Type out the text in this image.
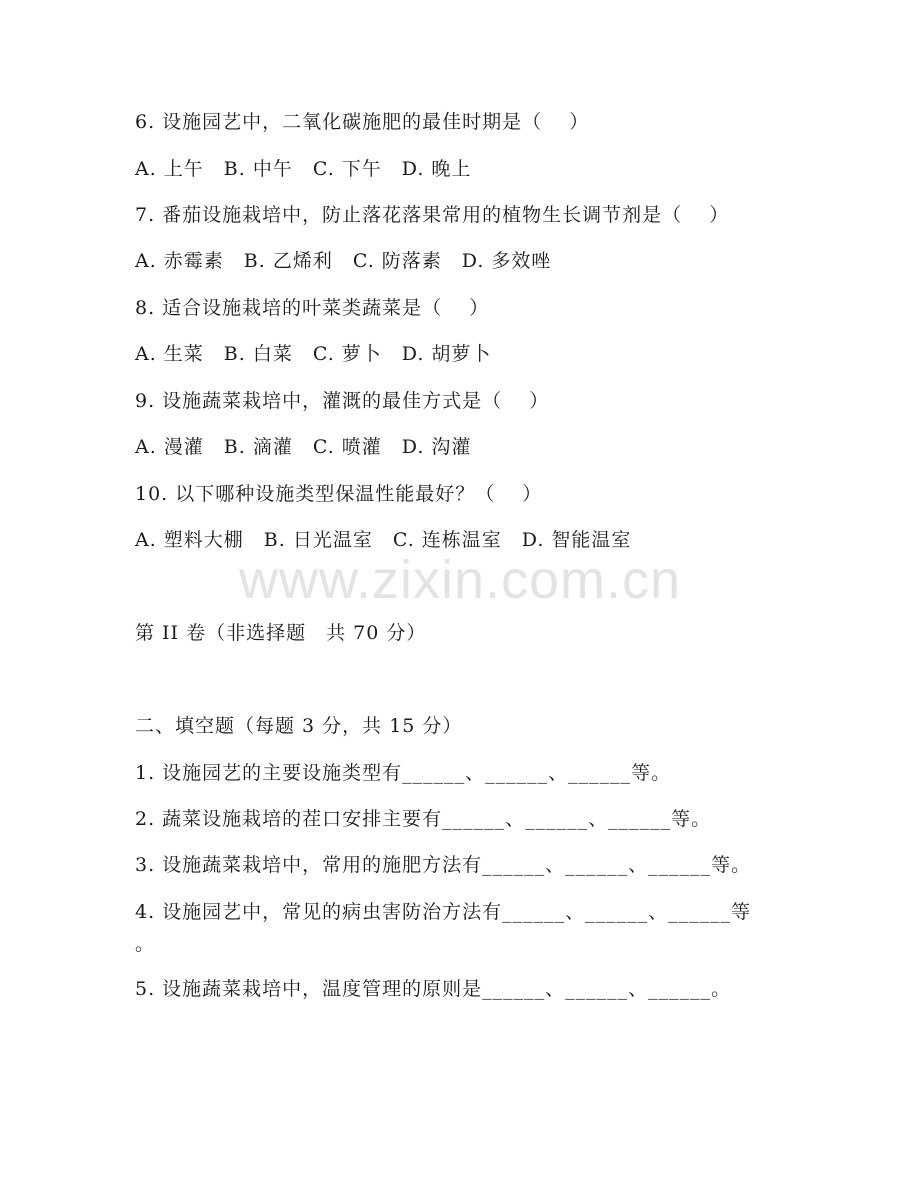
www.zixin.com.cn
6. 设施园艺中，二氧化碳施肥的最佳时期是（　 ）
A. 上午　B. 中午　C. 下午　D. 晚上
7. 番茄设施栽培中，防止落花落果常用的植物生长调节剂是（　 ）
A. 赤霉素　B. 乙烯利　C. 防落素　D. 多效唑
8. 适合设施栽培的叶菜类蔬菜是（　 ）
A. 生菜　B. 白菜　C. 萝卜　D. 胡萝卜
9. 设施蔬菜栽培中，灌溉的最佳方式是（　 ）
A. 漫灌　B. 滴灌　C. 喷灌　D. 沟灌
10. 以下哪种设施类型保温性能最好？（　 ）
A. 塑料大棚　B. 日光温室　C. 连栋温室　D. 智能温室
第 II 卷（非选择题　共 70 分）
二、填空题（每题 3 分，共 15 分）
1. 设施园艺的主要设施类型有______、______、______等。
2. 蔬菜设施栽培的茬口安排主要有______、______、______等。
3. 设施蔬菜栽培中，常用的施肥方法有______、______、______等。
4. 设施园艺中，常见的病虫害防治方法有______、______、______等
。
5. 设施蔬菜栽培中，温度管理的原则是______、______、______。
